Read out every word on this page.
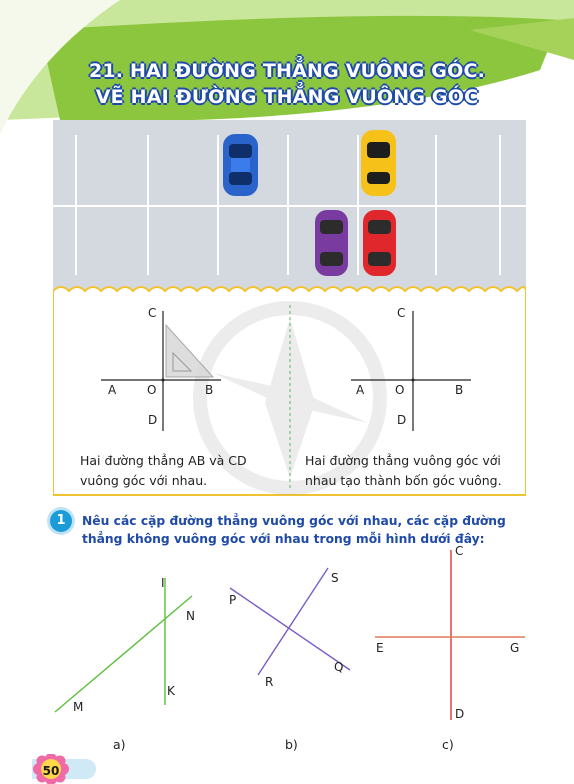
21. HAI ĐƯỜNG THẲNG VUÔNG GÓC.
VẼ HAI ĐƯỜNG THẲNG VUÔNG GÓC
C
A	O	B
D
C
A	O	B
D
Hai đường thẳng AB và CD
vuông góc với nhau.
Hai đường thẳng vuông góc với
nhau tạo thành bốn góc vuông.
1	Nêu các cặp đường thẳng vuông góc với nhau, các cặp đường thẳng không vuông góc với nhau trong mỗi hình dưới đây:
I
N
M
K
S
P
Q
R
C
E	G
D
a)	b)	c)
50
